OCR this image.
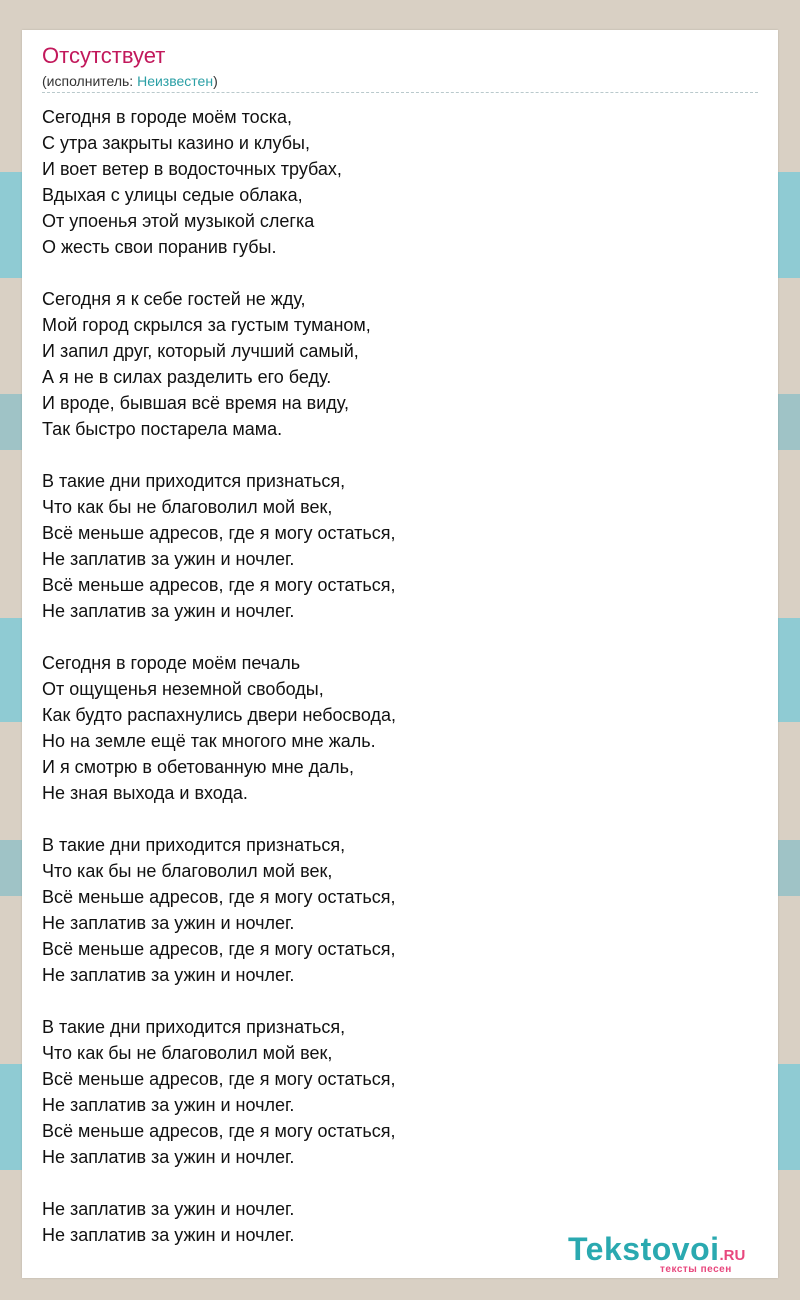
Отсутствует
(исполнитель: Неизвестен)
Сегодня в городе моём тоска,
С утра закрыты казино и клубы,
И воет ветер в водосточных трубах,
Вдыхая с улицы седые облака,
От упоенья этой музыкой слегка
О жесть свои поранив губы.
Сегодня я к себе гостей не жду,
Мой город скрылся за густым туманом,
И запил друг, который лучший самый,
А я не в силах разделить его беду.
И вроде, бывшая всё время на виду,
Так быстро постарела мама.
В такие дни приходится признаться,
Что как бы не благоволил мой век,
Всё меньше адресов, где я могу остаться,
Не заплатив за ужин и ночлег.
Всё меньше адресов, где я могу остаться,
Не заплатив за ужин и ночлег.
Сегодня в городе моём печаль
От ощущенья неземной свободы,
Как будто распахнулись двери небосвода,
Но на земле ещё так многого мне жаль.
И я смотрю в обетованную мне даль,
Не зная выхода и входа.
В такие дни приходится признаться,
Что как бы не благоволил мой век,
Всё меньше адресов, где я могу остаться,
Не заплатив за ужин и ночлег.
Всё меньше адресов, где я могу остаться,
Не заплатив за ужин и ночлег.
В такие дни приходится признаться,
Что как бы не благоволил мой век,
Всё меньше адресов, где я могу остаться,
Не заплатив за ужин и ночлег.
Всё меньше адресов, где я могу остаться,
Не заплатив за ужин и ночлег.
Не заплатив за ужин и ночлег.
Не заплатив за ужин и ночлег.	Tekstovoi.RU
тексты песен
